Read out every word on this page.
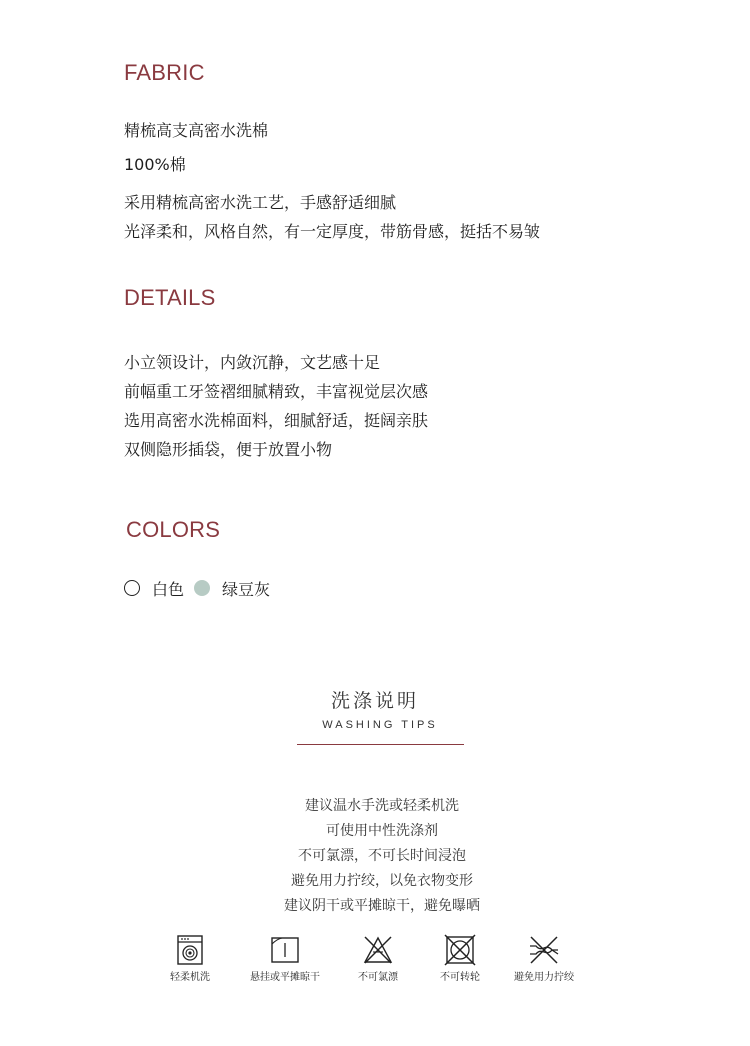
FABRIC
精梳高支高密水洗棉
100%棉
采用精梳高密水洗工艺，手感舒适细腻
光泽柔和，风格自然，有一定厚度，带筋骨感，挺括不易皱
DETAILS
小立领设计，内敛沉静，文艺感十足
前幅重工牙签褶细腻精致，丰富视觉层次感
选用高密水洗棉面料，细腻舒适，挺阔亲肤
双侧隐形插袋，便于放置小物
COLORS
白色 绿豆灰
洗涤说明
WASHING TIPS
建议温水手洗或轻柔机洗
可使用中性洗涤剂
不可氯漂，不可长时间浸泡
避免用力拧绞，以免衣物变形
建议阴干或平摊晾干，避免曝晒
轻柔机洗	悬挂或平摊晾干	不可氯漂	不可转轮	避免用力拧绞
